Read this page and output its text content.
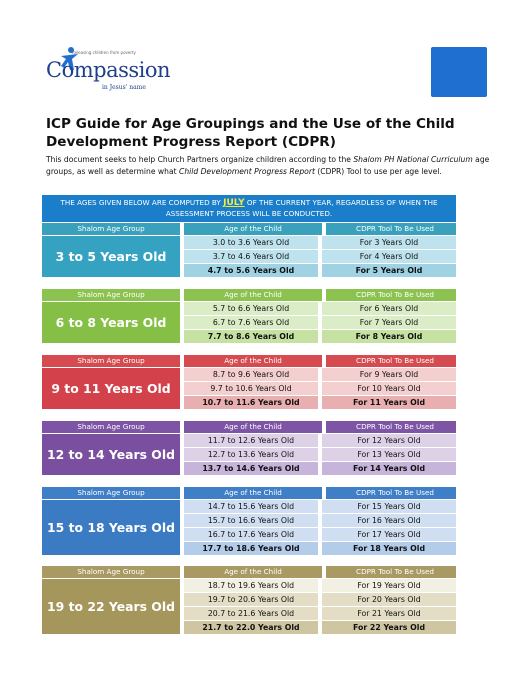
Releasing children from poverty
Compassion
in Jesus' name
ICP Guide for Age Groupings and the Use of the Child Development Progress Report (CDPR)
This document seeks to help Church Partners organize children according to the Shalom PH National Curriculum age groups, as well as determine what Child Development Progress Report (CDPR) Tool to use per age level.
THE AGES GIVEN BELOW ARE COMPUTED BY JULY OF THE CURRENT YEAR, REGARDLESS OF WHEN THE ASSESSMENT PROCESS WILL BE CONDUCTED.
Shalom Age Group	Age of the Child	CDPR Tool To Be Used
3 to 5 Years Old
3.0 to 3.6 Years Old	For 3 Years Old
3.7 to 4.6 Years Old	For 4 Years Old
4.7 to 5.6 Years Old	For 5 Years Old
Shalom Age Group	Age of the Child	CDPR Tool To Be Used
6 to 8 Years Old
5.7 to 6.6 Years Old	For 6 Years Old
6.7 to 7.6 Years Old	For 7 Years Old
7.7 to 8.6 Years Old	For 8 Years Old
Shalom Age Group	Age of the Child	CDPR Tool To Be Used
9 to 11 Years Old
8.7 to 9.6 Years Old	For 9 Years Old
9.7 to 10.6 Years Old	For 10 Years Old
10.7 to 11.6 Years Old	For 11 Years Old
Shalom Age Group	Age of the Child	CDPR Tool To Be Used
12 to 14 Years Old
11.7 to 12.6 Years Old	For 12 Years Old
12.7 to 13.6 Years Old	For 13 Years Old
13.7 to 14.6 Years Old	For 14 Years Old
Shalom Age Group	Age of the Child	CDPR Tool To Be Used
15 to 18 Years Old
14.7 to 15.6 Years Old	For 15 Years Old
15.7 to 16.6 Years Old	For 16 Years Old
16.7 to 17.6 Years Old	For 17 Years Old
17.7 to 18.6 Years Old	For 18 Years Old
Shalom Age Group	Age of the Child	CDPR Tool To Be Used
19 to 22 Years Old
18.7 to 19.6 Years Old	For 19 Years Old
19.7 to 20.6 Years Old	For 20 Years Old
20.7 to 21.6 Years Old	For 21 Years Old
21.7 to 22.0 Years Old	For 22 Years Old
